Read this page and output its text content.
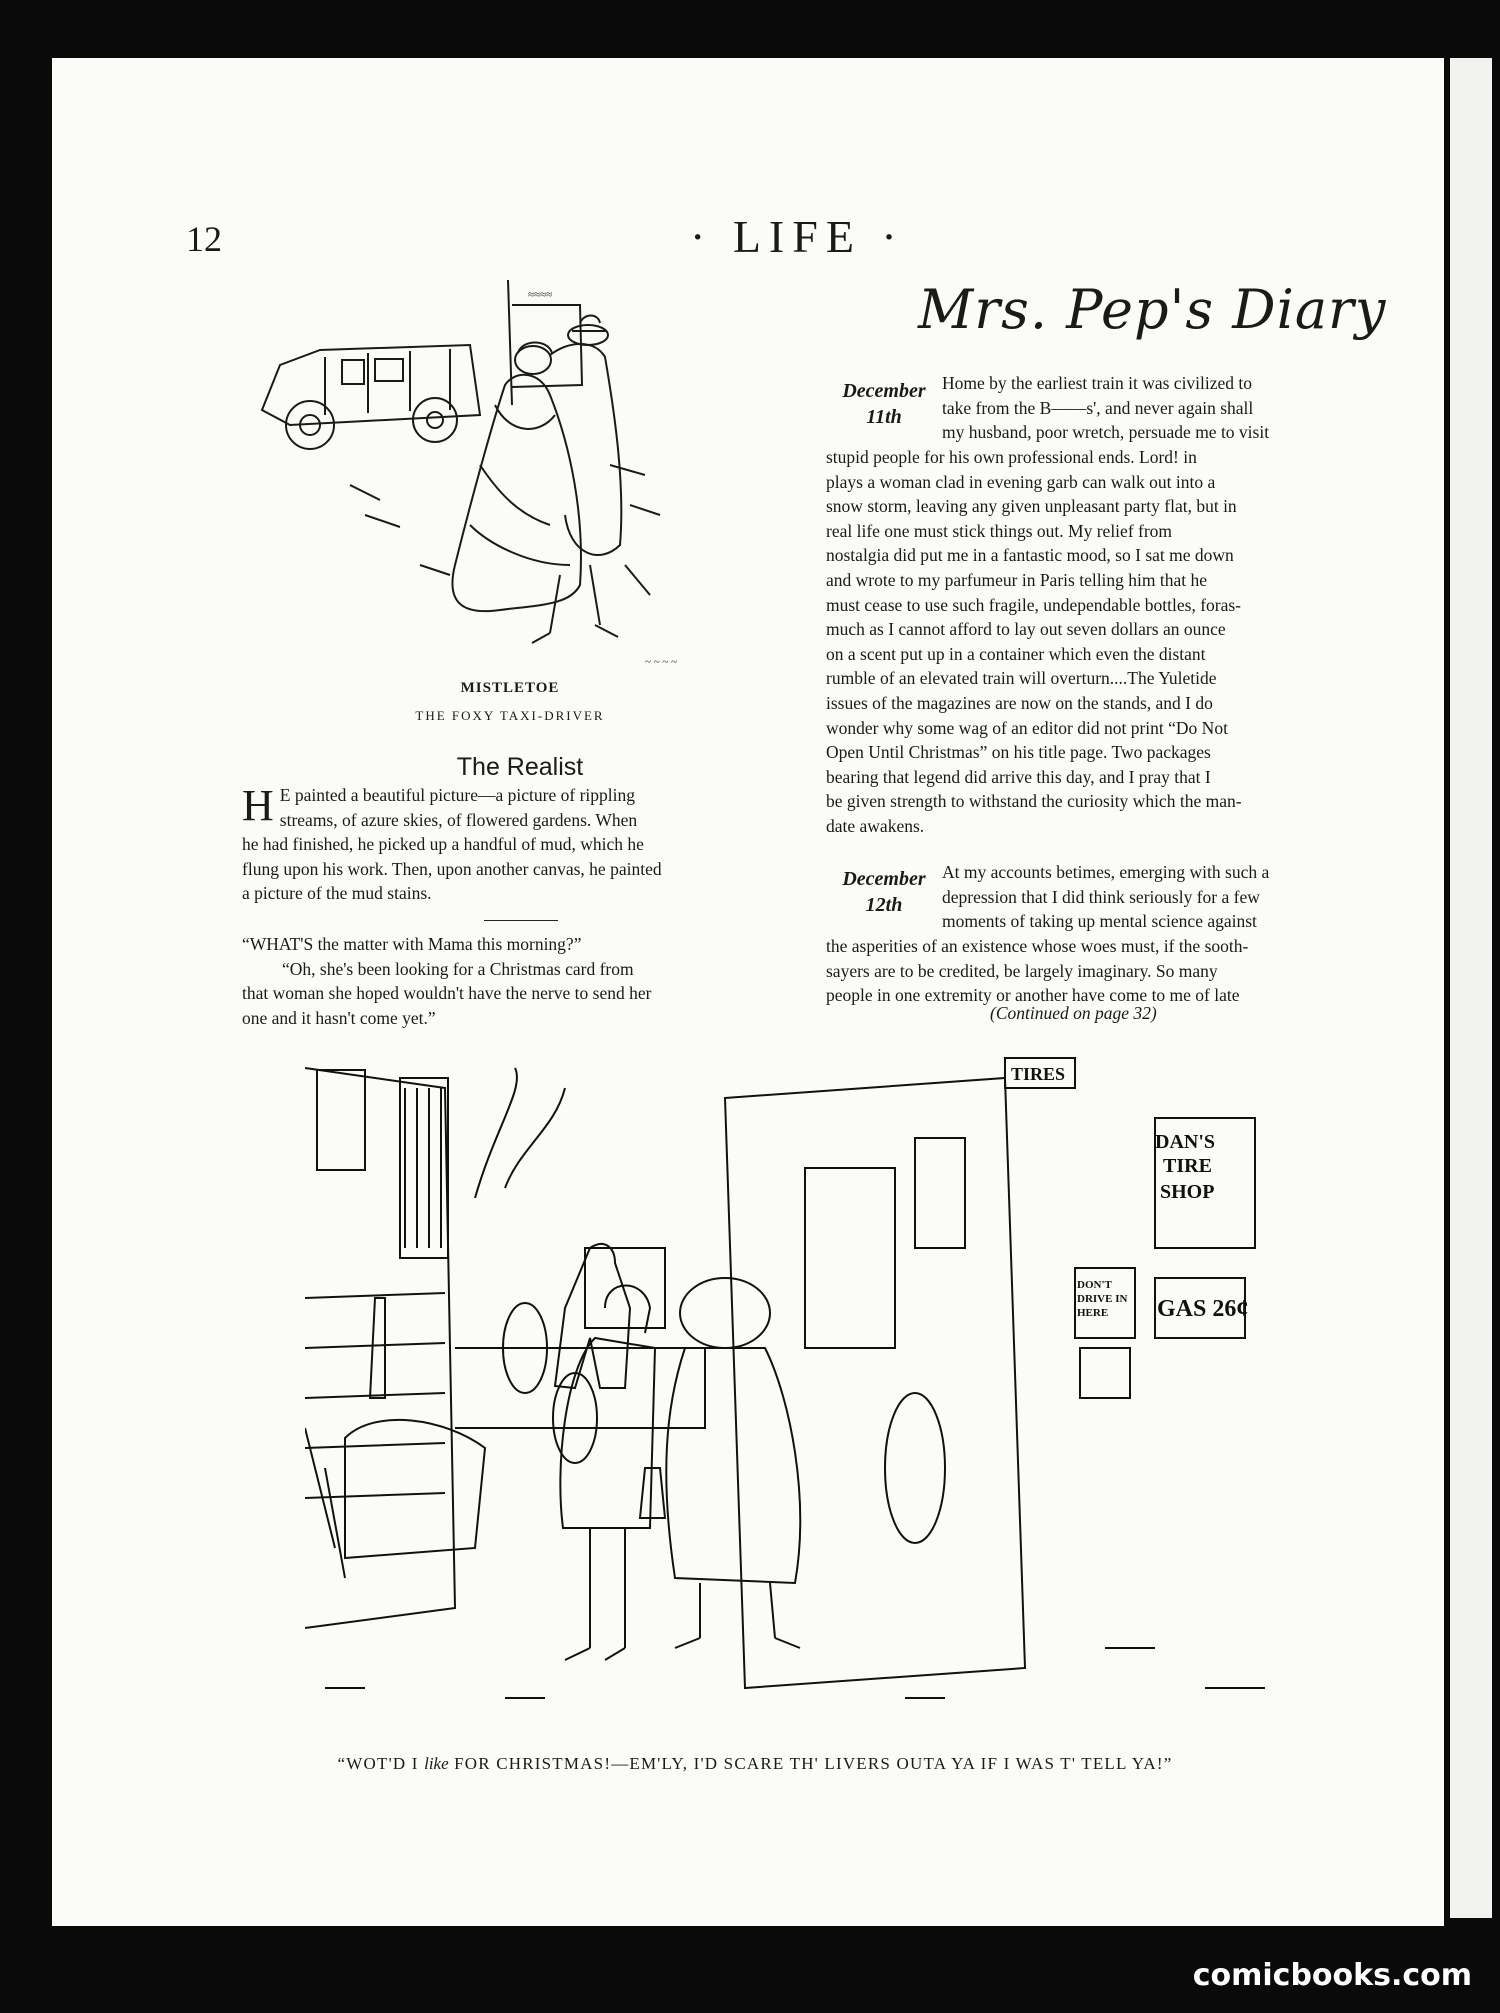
12	· LIFE ·
≈≈≈≈
~ ~ ~ ~
MISTLETOE
THE FOXY TAXI-DRIVER
The Realist
H E painted a beautiful picture—a picture of rippling
streams, of azure skies, of flowered gardens. When
he had finished, he picked up a handful of mud, which he
flung upon his work. Then, upon another canvas, he painted
a picture of the mud stains.
“WHAT'S the matter with Mama this morning?”
“Oh, she's been looking for a Christmas card from
that woman she hoped wouldn't have the nerve to send her
one and it hasn't come yet.”
Mrs. Pep's Diary
December
11th
Home by the earliest train it was civilized to
take from the B——s', and never again shall
my husband, poor wretch, persuade me to visit
stupid people for his own professional ends. Lord! in
plays a woman clad in evening garb can walk out into a
snow storm, leaving any given unpleasant party flat, but in
real life one must stick things out. My relief from
nostalgia did put me in a fantastic mood, so I sat me down
and wrote to my parfumeur in Paris telling him that he
must cease to use such fragile, undependable bottles, foras-
much as I cannot afford to lay out seven dollars an ounce
on a scent put up in a container which even the distant
rumble of an elevated train will overturn....The Yuletide
issues of the magazines are now on the stands, and I do
wonder why some wag of an editor did not print “Do Not
Open Until Christmas” on his title page. Two packages
bearing that legend did arrive this day, and I pray that I
be given strength to withstand the curiosity which the man-
date awakens.
December
12th
At my accounts betimes, emerging with such a
depression that I did think seriously for a few
moments of taking up mental science against
the asperities of an existence whose woes must, if the sooth-
sayers are to be credited, be largely imaginary. So many
people in one extremity or another have come to me of late
(Continued on page 32)
DAN'S
TIRE
SHOP
GAS 26¢
TIRES
DON'T
DRIVE IN
HERE
“WOT'D I like FOR CHRISTMAS!—EM'LY, I'D SCARE TH' LIVERS OUTA YA IF I WAS T' TELL YA!”
comicbooks.com
